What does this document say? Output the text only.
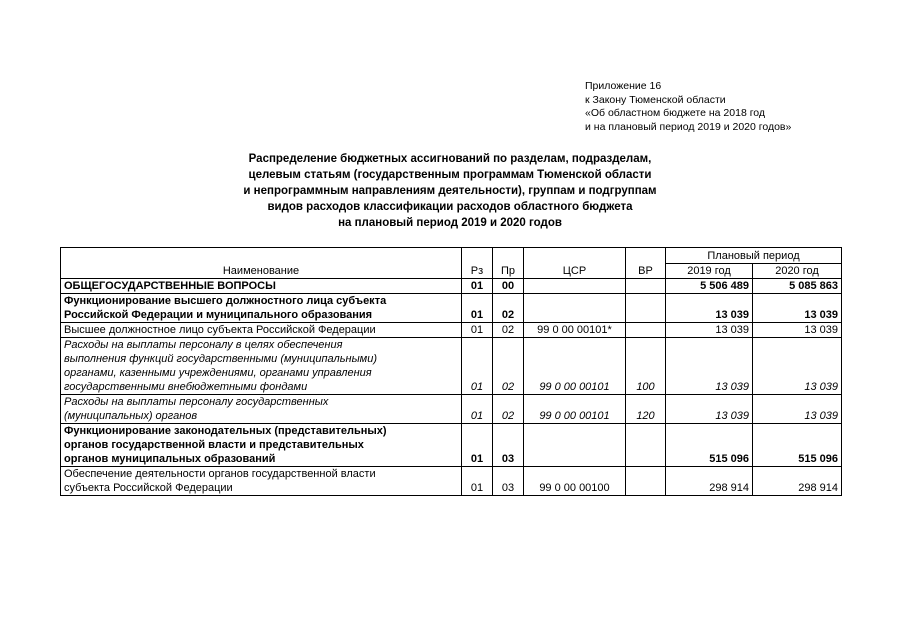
Приложение 16
к Закону Тюменской области
«Об областном бюджете на 2018 год
и на плановый период 2019 и 2020 годов»
Распределение бюджетных ассигнований по разделам, подразделам,
целевым статьям (государственным программам Тюменской области
и непрограммным направлениям деятельности), группам и подгруппам
видов расходов классификации расходов областного бюджета
на плановый период 2019 и 2020 годов
Наименование	Рз	Пр	ЦСР	ВР	Плановый период	
					2019 год	2020 год

ОБЩЕГОСУДАРСТВЕННЫЕ ВОПРОСЫ	01	00			5 506 489	5 085 863

Функционирование высшего должностного лица субъекта
Российской Федерации и муниципального образования	01	02			13 039	13 039

Высшее должностное лицо субъекта Российской Федерации	01	02	99 0 00 00101*		13 039	13 039

Расходы на выплаты персоналу в целях обеспечения
выполнения функций государственными (муниципальными)
органами, казенными учреждениями, органами управления
государственными внебюджетными фондами	01	02	99 0 00 00101	100	13 039	13 039

Расходы на выплаты персоналу государственных
(муниципальных) органов	01	02	99 0 00 00101	120	13 039	13 039

Функционирование законодательных (представительных)
органов государственной власти и представительных
органов муниципальных образований	01	03			515 096	515 096

Обеспечение деятельности органов государственной власти
субъекта Российской Федерации	01	03	99 0 00 00100		298 914	298 914
